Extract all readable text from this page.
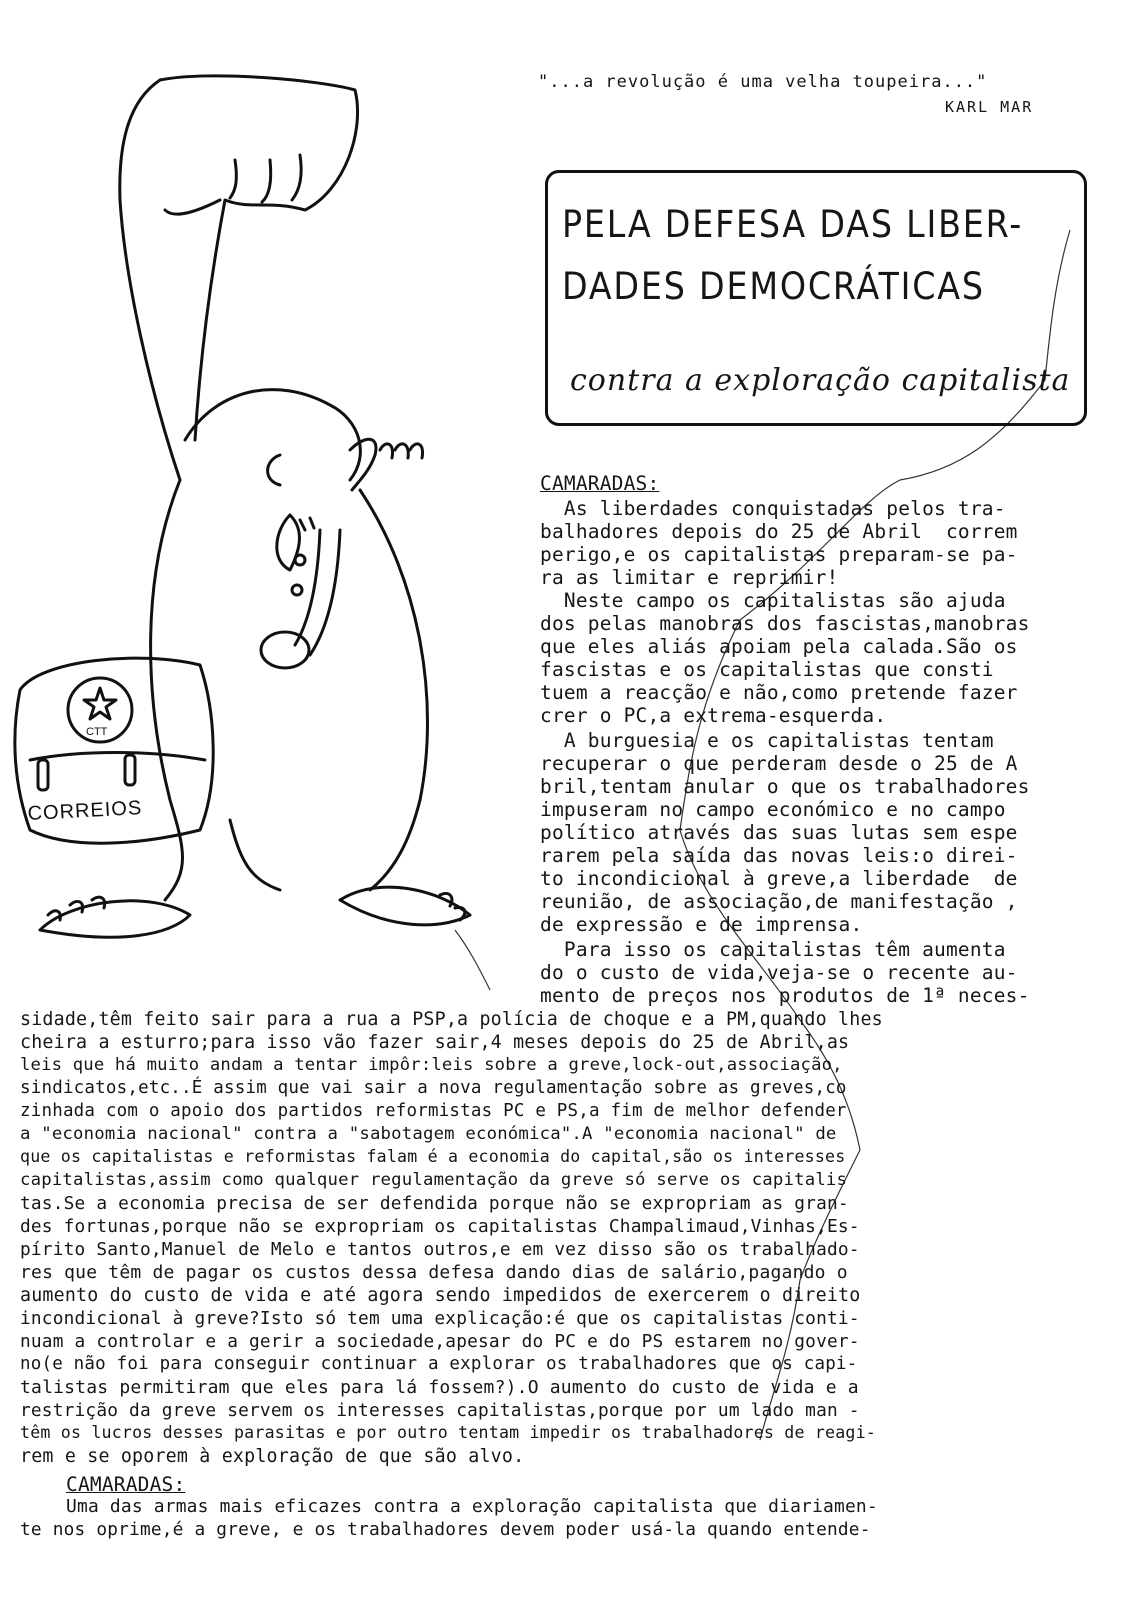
CTT
CORREIOS
"...a revolução é uma velha toupeira..."
KARL MAR
PELA DEFESA DAS LIBER-
DADES DEMOCRÁTICAS
contra a exploração capitalista
CAMARADAS:
As liberdades conquistadas pelos tra-
balhadores depois do 25 de Abril  correm
perigo,e os capitalistas preparam-se pa-
ra as limitar e reprimir!
Neste campo os capitalistas são ajuda
dos pelas manobras dos fascistas,manobras
que eles aliás apoiam pela calada.São os
fascistas e os capitalistas que consti
tuem a reacção e não,como pretende fazer
crer o PC,a extrema-esquerda.
A burguesia e os capitalistas tentam
recuperar o que perderam desde o 25 de A
bril,tentam anular o que os trabalhadores
impuseram no campo económico e no campo
político através das suas lutas sem espe
rarem pela saída das novas leis:o direi-
to incondicional à greve,a liberdade  de
reunião, de associação,de manifestação ,
de expressão e de imprensa.
Para isso os capitalistas têm aumenta
do o custo de vida,veja-se o recente au-
mento de preços nos produtos de 1ª neces-
sidade,têm feito sair para a rua a PSP,a polícia de choque e a PM,quando lhes
cheira a esturro;para isso vão fazer sair,4 meses depois do 25 de Abril,as
leis que há muito andam a tentar impôr:leis sobre a greve,lock-out,associação,
sindicatos,etc..É assim que vai sair a nova regulamentação sobre as greves,co
zinhada com o apoio dos partidos reformistas PC e PS,a fim de melhor defender
a "economia nacional" contra a "sabotagem económica".A "economia nacional" de
que os capitalistas e reformistas falam é a economia do capital,são os interesses
capitalistas,assim como qualquer regulamentação da greve só serve os capitalis
tas.Se a economia precisa de ser defendida porque não se expropriam as gran-
des fortunas,porque não se expropriam os capitalistas Champalimaud,Vinhas,Es-
pírito Santo,Manuel de Melo e tantos outros,e em vez disso são os trabalhado-
res que têm de pagar os custos dessa defesa dando dias de salário,pagando o
aumento do custo de vida e até agora sendo impedidos de exercerem o direito
incondicional à greve?Isto só tem uma explicação:é que os capitalistas conti-
nuam a controlar e a gerir a sociedade,apesar do PC e do PS estarem no gover-
no(e não foi para conseguir continuar a explorar os trabalhadores que os capi-
talistas permitiram que eles para lá fossem?).O aumento do custo de vida e a
restrição da greve servem os interesses capitalistas,porque por um lado man -
têm os lucros desses parasitas e por outro tentam impedir os trabalhadores de reagi-
rem e se oporem à exploração de que são alvo.
CAMARADAS:
Uma das armas mais eficazes contra a exploração capitalista que diariamen-
te nos oprime,é a greve, e os trabalhadores devem poder usá-la quando entende-
